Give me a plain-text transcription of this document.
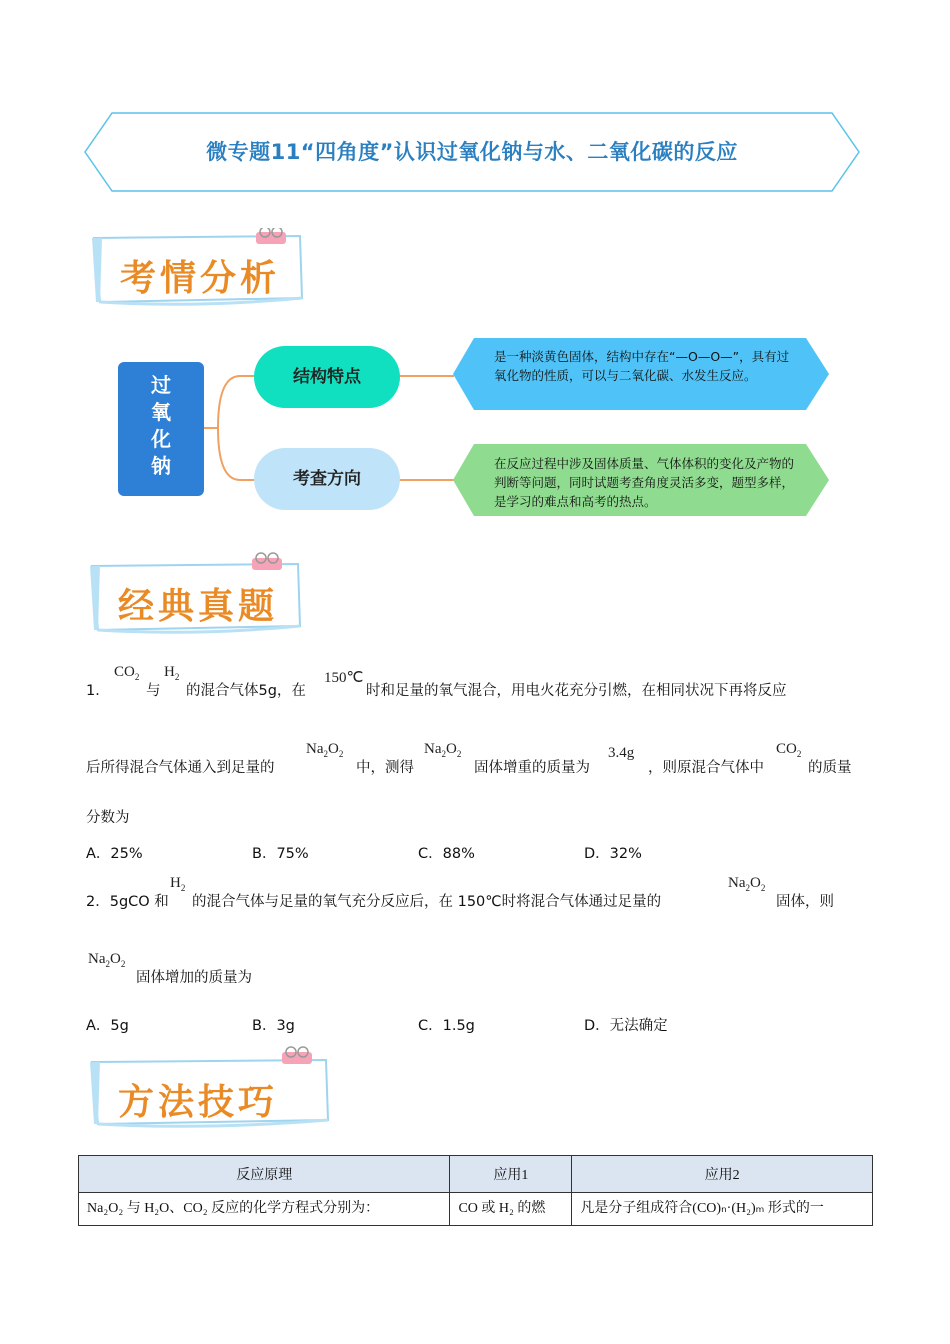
微专题11“四角度”认识过氧化钠与水、二氧化碳的反应
考情分析
过
氧
化
钠
结构特点
考查方向
是一种淡黄色固体，结构中存在“—O—O—”，具有过氧化物的性质，可以与二氧化碳、水发生反应。
在反应过程中涉及固体质量、气体体积的变化及产物的判断等问题，同时试题考查角度灵活多变，题型多样，是学习的难点和高考的热点。
经典真题
1．
$CO_2$
与
$H_2$
的混合气体5g，在
150℃
时和足量的氧气混合，用电火花充分引燃，在相同状况下再将反应
后所得混合气体通入到足量的
$Na_2O_2$
中，测得
$Na_2O_2$
固体增重的质量为
3.4g
，则原混合气体中
$CO_2$
的质量
分数为
A．25%	B．75%	C．88%	D．32%
2．5gCO 和
$H_2$
的混合气体与足量的氧气充分反应后，在 150℃时将混合气体通过足量的
$Na_2O_2$
固体，则
$Na_2O_2$
固体增加的质量为
A．5g	B．3g	C．1.5g	D．无法确定
方法技巧
反应原理	应用1	应用2
Na₂O₂ 与 H₂O、CO₂ 反应的化学方程式分别为：	CO 或 H₂ 的燃	凡是分子组成符合(CO)ₙ·(H₂)ₘ 形式的一
